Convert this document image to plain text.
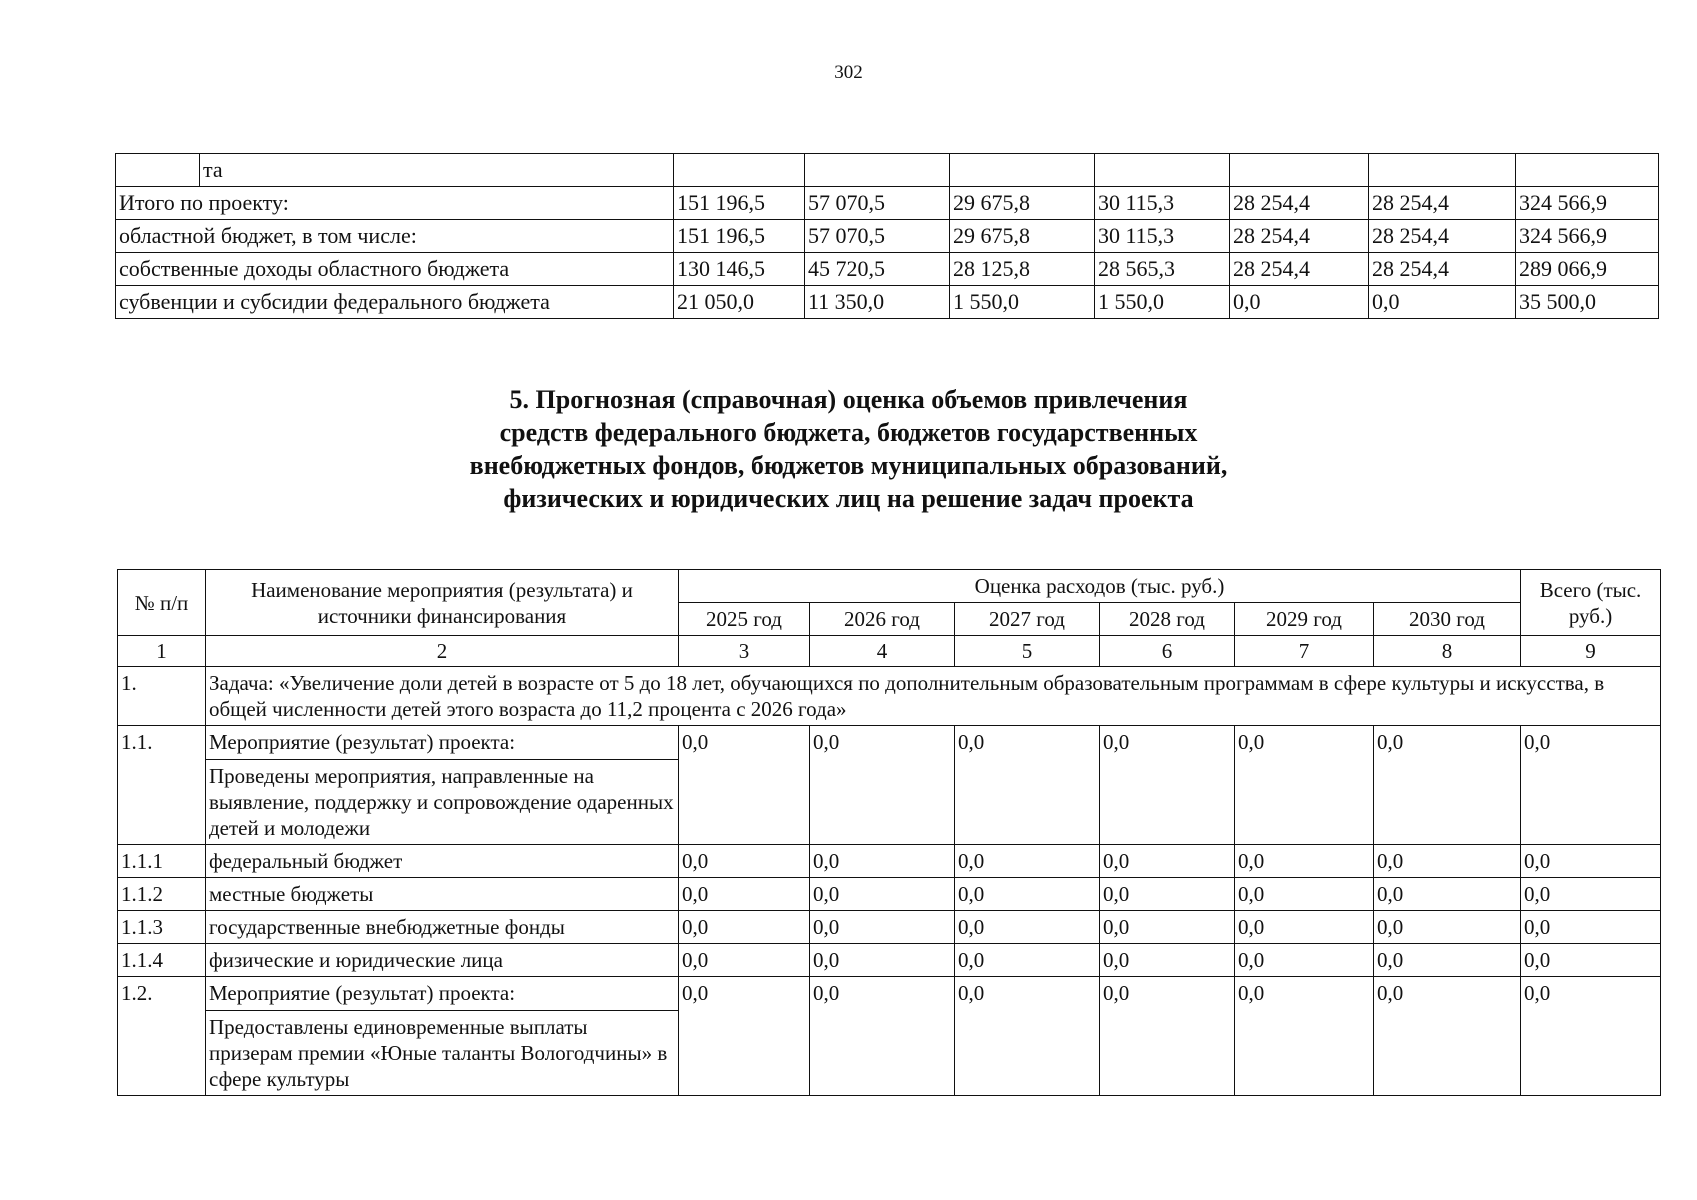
302
	та							
Итого по проекту:		151 196,5	57 070,5	29 675,8	30 115,3	28 254,4	28 254,4	324 566,9
областной бюджет, в том числе:		151 196,5	57 070,5	29 675,8	30 115,3	28 254,4	28 254,4	324 566,9
собственные доходы областного бюджета		130 146,5	45 720,5	28 125,8	28 565,3	28 254,4	28 254,4	289 066,9
субвенции и субсидии федерального бюджета		21 050,0	11 350,0	1 550,0	1 550,0	0,0	0,0	35 500,0
5. Прогнозная (справочная) оценка объемов привлечения
средств федерального бюджета, бюджетов государственных
внебюджетных фондов, бюджетов муниципальных образований,
физических и юридических лиц на решение задач проекта
№ п/п	Наименование мероприятия (результата) и источники финансирования	Оценка расходов (тыс. руб.)						Всего (тыс. руб.)
		2025 год	2026 год	2027 год	2028 год	2029 год	2030 год	
1	2	3	4	5	6	7	8	9
1.	Задача: «Увеличение доли детей в возрасте от 5 до 18 лет, обучающихся по дополнительным образовательным программам в сфере культуры и искусства, в общей численности детей этого возраста до 11,2 процента с 2026 года»							
1.1.	Мероприятие (результат) проекта:
Проведены мероприятия, направленные на выявление, поддержку и сопровождение одаренных детей и молодежи	0,0	0,0	0,0	0,0	0,0	0,0	0,0
1.1.1	федеральный бюджет	0,0	0,0	0,0	0,0	0,0	0,0	0,0
1.1.2	местные бюджеты	0,0	0,0	0,0	0,0	0,0	0,0	0,0
1.1.3	государственные внебюджетные фонды	0,0	0,0	0,0	0,0	0,0	0,0	0,0
1.1.4	физические и юридические лица	0,0	0,0	0,0	0,0	0,0	0,0	0,0
1.2.	Мероприятие (результат) проекта:
Предоставлены единовременные выплаты призерам премии «Юные таланты Вологодчины» в сфере культуры	0,0	0,0	0,0	0,0	0,0	0,0	0,0
